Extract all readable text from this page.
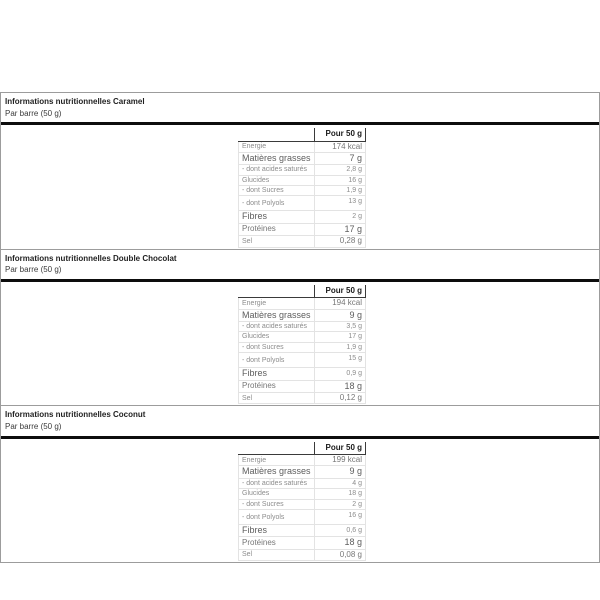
Informations nutritionnelles Caramel
Par barre (50 g)
	Pour 50 g
Energie	174 kcal
Matières grasses	7 g
- dont acides saturés	2,8 g
Glucides	16 g
- dont Sucres	1,9 g
- dont Polyols	13 g
Fibres	2 g
Protéines	17 g
Sel	0,28 g
Informations nutritionnelles Double Chocolat
Par barre (50 g)
	Pour 50 g
Energie	194 kcal
Matières grasses	9 g
- dont acides saturés	3,5 g
Glucides	17 g
- dont Sucres	1,9 g
- dont Polyols	15 g
Fibres	0,9 g
Protéines	18 g
Sel	0,12 g
Informations nutritionnelles Coconut
Par barre (50 g)
	Pour 50 g
Energie	199 kcal
Matières grasses	9 g
- dont acides saturés	4 g
Glucides	18 g
- dont Sucres	2 g
- dont Polyols	16 g
Fibres	0,6 g
Protéines	18 g
Sel	0,08 g
